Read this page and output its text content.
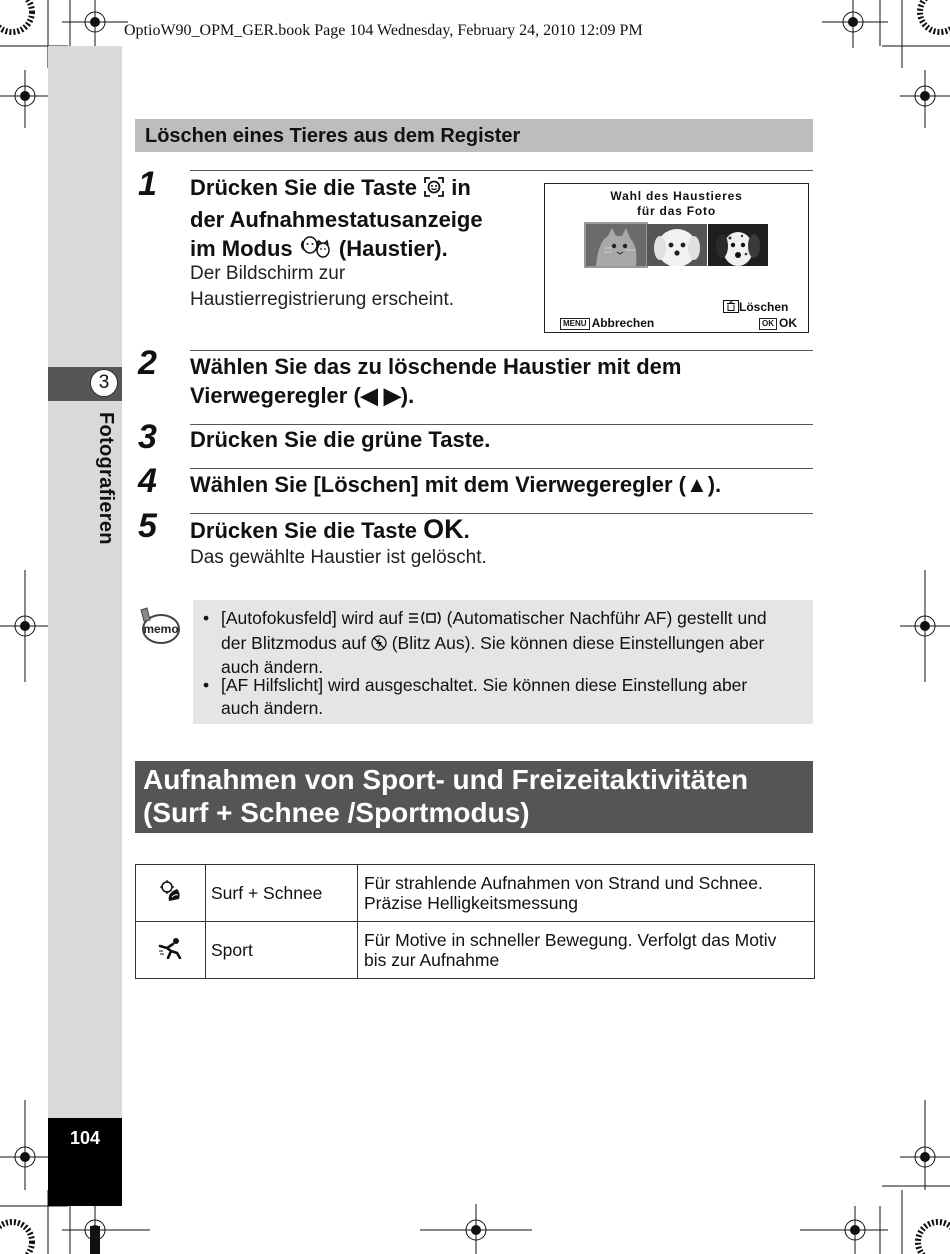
OptioW90_OPM_GER.book Page 104 Wednesday, February 24, 2010 12:09 PM
3
Fotografieren
104
Löschen eines Tieres aus dem Register
1 Drücken Sie die Taste in
der Aufnahmestatusanzeige
im Modus (Haustier).
Der Bildschirm zur
Haustierregistrierung erscheint.
Wahl des Haustieres
für das Foto
Löschen
MENU Abbrechen	OK OK
2 Wählen Sie das zu löschende Haustier mit dem
Vierwegeregler (◀ ▶).
3 Drücken Sie die grüne Taste.
4 Wählen Sie [Löschen] mit dem Vierwegeregler (▲).
5 Drücken Sie die Taste OK.
Das gewählte Haustier ist gelöscht.
memo
• [Autofokusfeld] wird auf	(Automatischer Nachführ AF) gestellt und
der Blitzmodus auf (Blitz Aus). Sie können diese Einstellungen aber
auch ändern.
• [AF Hilfslicht] wird ausgeschaltet. Sie können diese Einstellung aber
auch ändern.
Aufnahmen von Sport- und Freizeitaktivitäten
(Surf + Schnee /Sportmodus)
	Surf + Schnee	Für strahlende Aufnahmen von Strand und Schnee.
Präzise Helligkeitsmessung

	Sport	Für Motive in schneller Bewegung. Verfolgt das Motiv
bis zur Aufnahme
